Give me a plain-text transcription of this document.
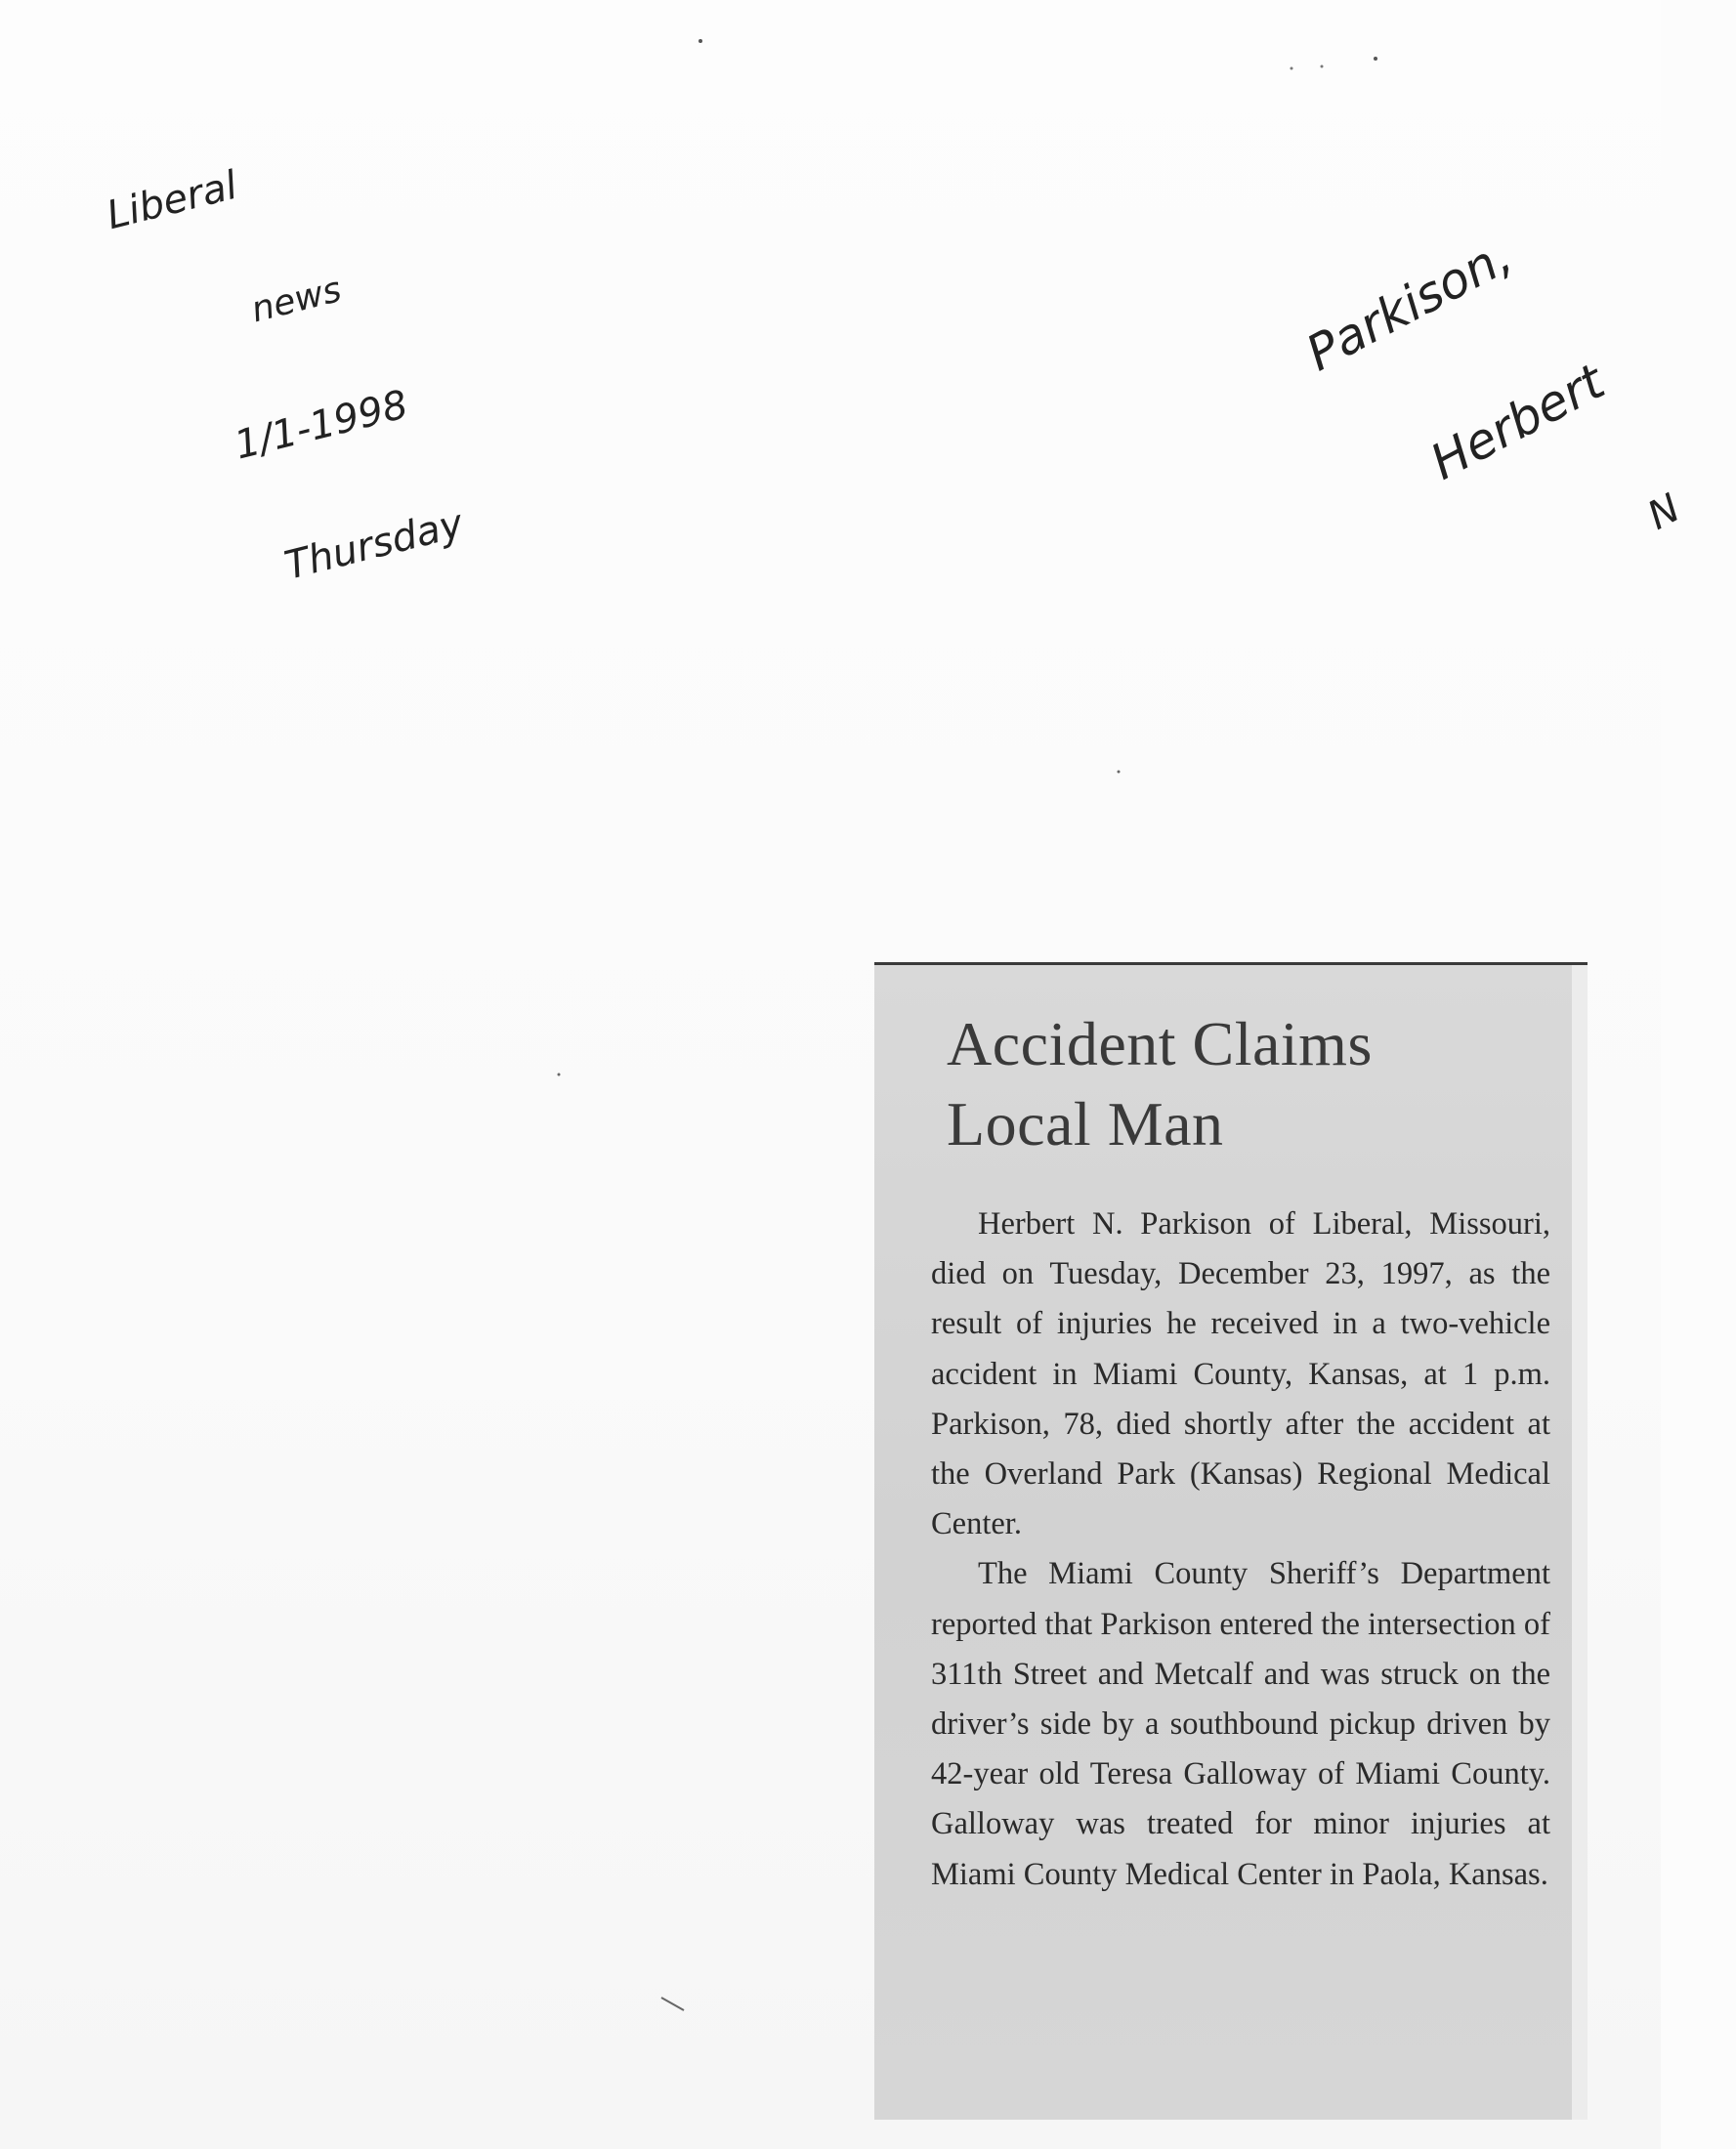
Liberal

news

1/1-1998

Thursday

Parkison,

Herbert

N

Accident Claims
Local Man

Herbert N. Parkison of Liberal, Missouri, died on Tuesday, December 23, 1997, as the result of injuries he received in a two-vehicle accident in Miami County, Kansas, at 1 p.m. Parkison, 78, died shortly after the accident at the Overland Park (Kansas) Regional Medical Center.

The Miami County Sheriff’s Department reported that Parkison entered the intersection of 311th Street and Metcalf and was struck on the driver’s side by a southbound pickup driven by 42-year old Teresa Galloway of Miami County. Galloway was treated for minor injuries at Miami County Medical Center in Paola, Kansas.
